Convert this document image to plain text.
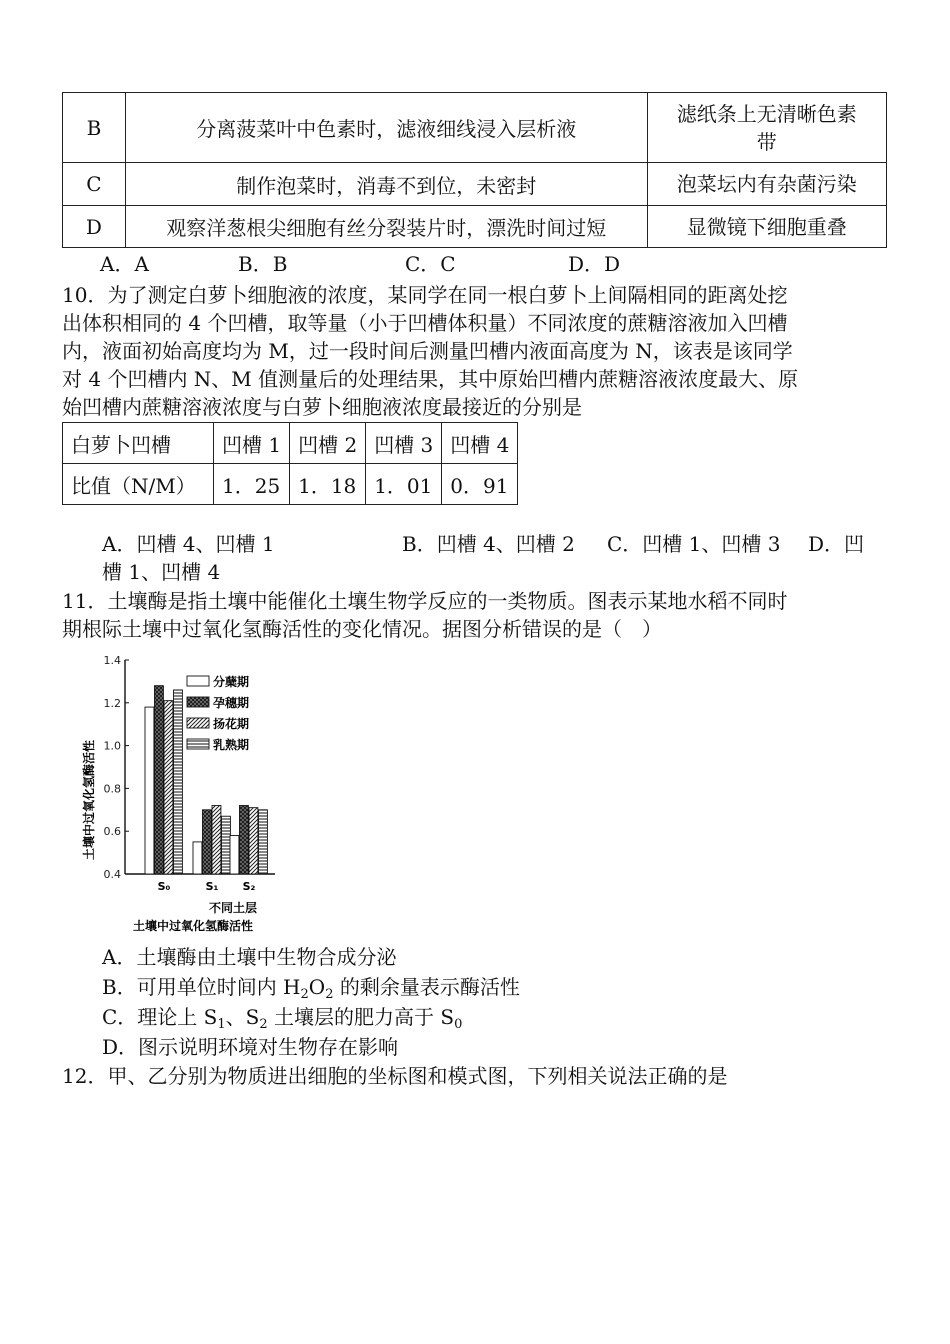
B	分离菠菜叶中色素时，滤液细线浸入层析液	滤纸条上无清晰色素
带

C	制作泡菜时，消毒不到位，未密封	泡菜坛内有杂菌污染
D	观察洋葱根尖细胞有丝分裂装片时，漂洗时间过短	显微镜下细胞重叠
A．A	B．B	C．C	D．D
10．为了测定白萝卜细胞液的浓度，某同学在同一根白萝卜上间隔相同的距离处挖
出体积相同的 4 个凹槽，取等量（小于凹槽体积量）不同浓度的蔗糖溶液加入凹槽
内，液面初始高度均为 M，过一段时间后测量凹槽内液面高度为 N，该表是该同学
对 4 个凹槽内 N、M 值测量后的处理结果，其中原始凹槽内蔗糖溶液浓度最大、原
始凹槽内蔗糖溶液浓度与白萝卜细胞液浓度最接近的分别是
白萝卜凹槽	凹槽 1	凹槽 2	凹槽 3	凹槽 4
比值（N/M）	1．25	1．18	1．01	0．91
A．凹槽 4、凹槽 1	B．凹槽 4、凹槽 2 C．凹槽 1、凹槽 3 D．凹
槽 1、凹槽 4
11．土壤酶是指土壤中能催化土壤生物学反应的一类物质。图表示某地水稻不同时
期根际土壤中过氧化氢酶活性的变化情况。据图分析错误的是（　）
0.4
0.6
0.8
1.0
1.2
1.4
S₀	S₁ S₂
分蘖期
孕穗期
扬花期
乳熟期
土壤中过氧化氢酶活性
不同土层
土壤中过氧化氢酶活性
A．土壤酶由土壤中生物合成分泌
B．可用单位时间内 $H_2O_2$ 的剩余量表示酶活性
C．理论上 $S_1$、$S_2$ 土壤层的肥力高于 $S_0$
D．图示说明环境对生物存在影响
12．甲、乙分别为物质进出细胞的坐标图和模式图，下列相关说法正确的是
